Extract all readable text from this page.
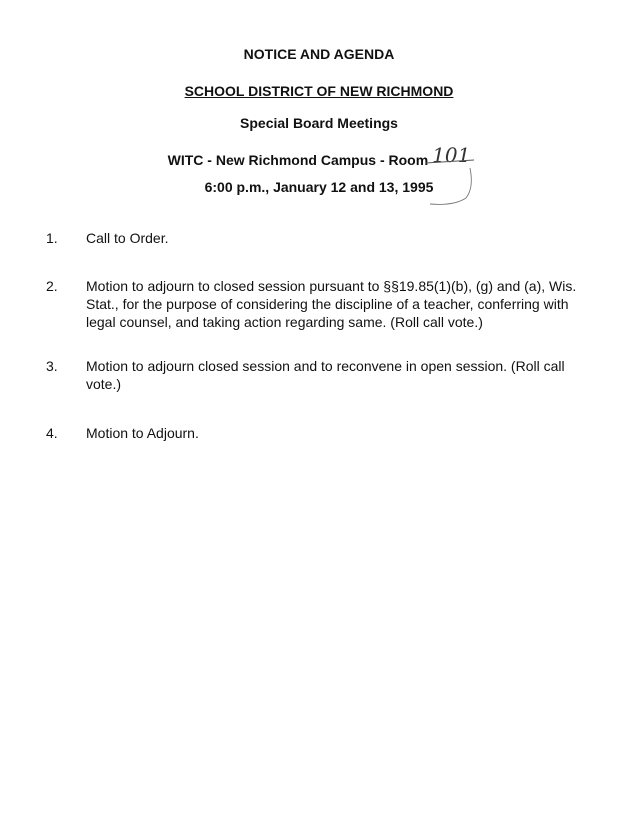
NOTICE AND AGENDA
SCHOOL DISTRICT OF NEW RICHMOND
Special Board Meetings
WITC - New Richmond Campus - Room 101
6:00 p.m., January 12 and 13, 1995
1. Call to Order.
2. Motion to adjourn to closed session pursuant to §§19.85(1)(b), (g) and (a), Wis. Stat., for the purpose of considering the discipline of a teacher, conferring with legal counsel, and taking action regarding same. (Roll call vote.)
3. Motion to adjourn closed session and to reconvene in open session. (Roll call vote.)
4. Motion to Adjourn.
